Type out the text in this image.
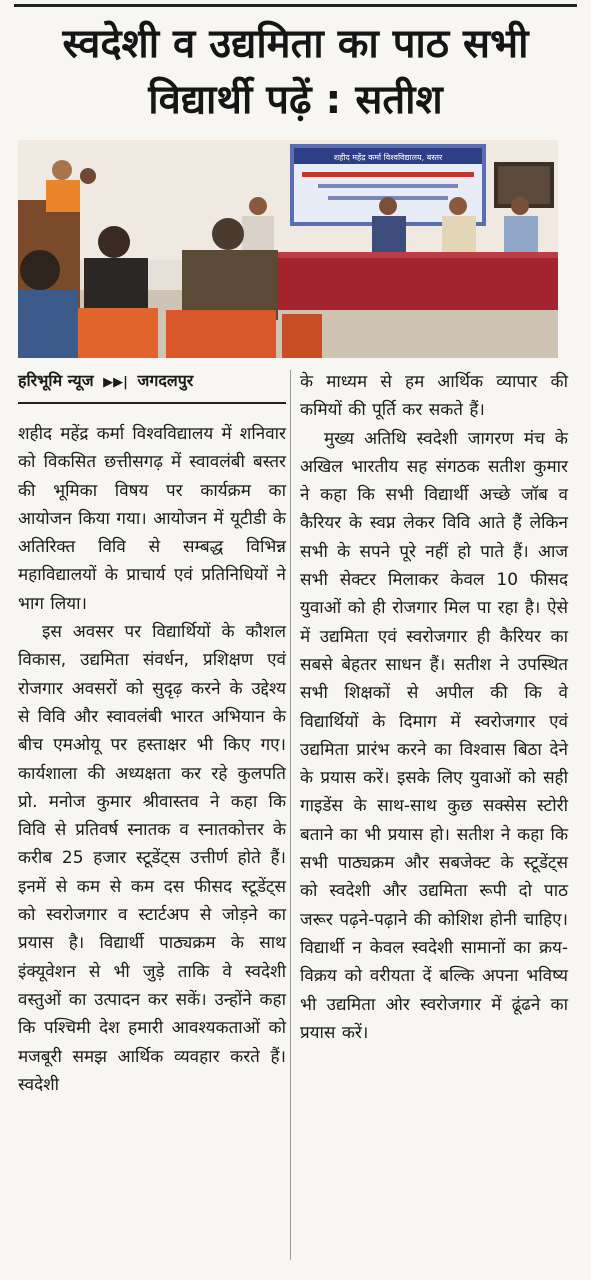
स्वदेशी व उद्यमिता का पाठ सभी
विद्यार्थी पढ़ें : सतीश
शहीद महेंद्र कर्मा विश्वविद्यालय, बस्तर
हरिभूमि न्यूज ▶▶| जगदलपुर

शहीद महेंद्र कर्मा विश्वविद्यालय में शनिवार को विकसित छत्तीसगढ़ में स्वावलंबी बस्तर की भूमिका विषय पर कार्यक्रम का आयोजन किया गया। आयोजन में यूटीडी के अतिरिक्त विवि से सम्बद्ध विभिन्न महाविद्यालयों के प्राचार्य एवं प्रतिनिधियों ने भाग लिया।

इस अवसर पर विद्यार्थियों के कौशल विकास, उद्यमिता संवर्धन, प्रशिक्षण एवं रोजगार अवसरों को सुदृढ़ करने के उद्देश्य से विवि और स्वावलंबी भारत अभियान के बीच एमओयू पर हस्ताक्षर भी किए गए।कार्यशाला की अध्यक्षता कर रहे कुलपति प्रो. मनोज कुमार श्रीवास्तव ने कहा कि विवि से प्रतिवर्ष स्नातक व स्नातकोत्तर के करीब 25 हजार स्टूडेंट्स उत्तीर्ण होते हैं। इनमें से कम से कम दस फीसद स्टूडेंट्स को स्वरोजगार व स्टार्टअप से जोड़ने का प्रयास है। विद्यार्थी पाठ्यक्रम के साथ इंक्यूवेशन से भी जुड़े ताकि वे स्वदेशी वस्तुओं का उत्पादन कर सकें। उन्होंने कहा कि पश्चिमी देश हमारी आवश्यकताओं को मजबूरी समझ आर्थिक व्यवहार करते हैं। स्वदेशी

के माध्यम से हम आर्थिक व्यापार की कमियों की पूर्ति कर सकते हैं।

मुख्य अतिथि स्वदेशी जागरण मंच के अखिल भारतीय सह संगठक सतीश कुमार ने कहा कि सभी विद्यार्थी अच्छे जॉब व कैरियर के स्वप्न लेकर विवि आते हैं लेकिन सभी के सपने पूरे नहीं हो पाते हैं। आज सभी सेक्टर मिलाकर केवल 10 फीसद युवाओं को ही रोजगार मिल पा रहा है। ऐसे में उद्यमिता एवं स्वरोजगार ही कैरियर का सबसे बेहतर साधन हैं। सतीश ने उपस्थित सभी शिक्षकों से अपील की कि वे विद्यार्थियों के दिमाग में स्वरोजगार एवं उद्यमिता प्रारंभ करने का विश्वास बिठा देने के प्रयास करें। इसके लिए युवाओं को सही गाइडेंस के साथ-साथ कुछ सक्सेस स्टोरी बताने का भी प्रयास हो। सतीश ने कहा कि सभी पाठ्यक्रम और सबजेक्ट के स्टूडेंट्स को स्वदेशी और उद्यमिता रूपी दो पाठ जरूर पढ़ने-पढ़ाने की कोशिश होनी चाहिए। विद्यार्थी न केवल स्वदेशी सामानों का क्रय-विक्रय को वरीयता दें बल्कि अपना भविष्य भी उद्यमिता ओर स्वरोजगार में ढूंढने का प्रयास करें।
